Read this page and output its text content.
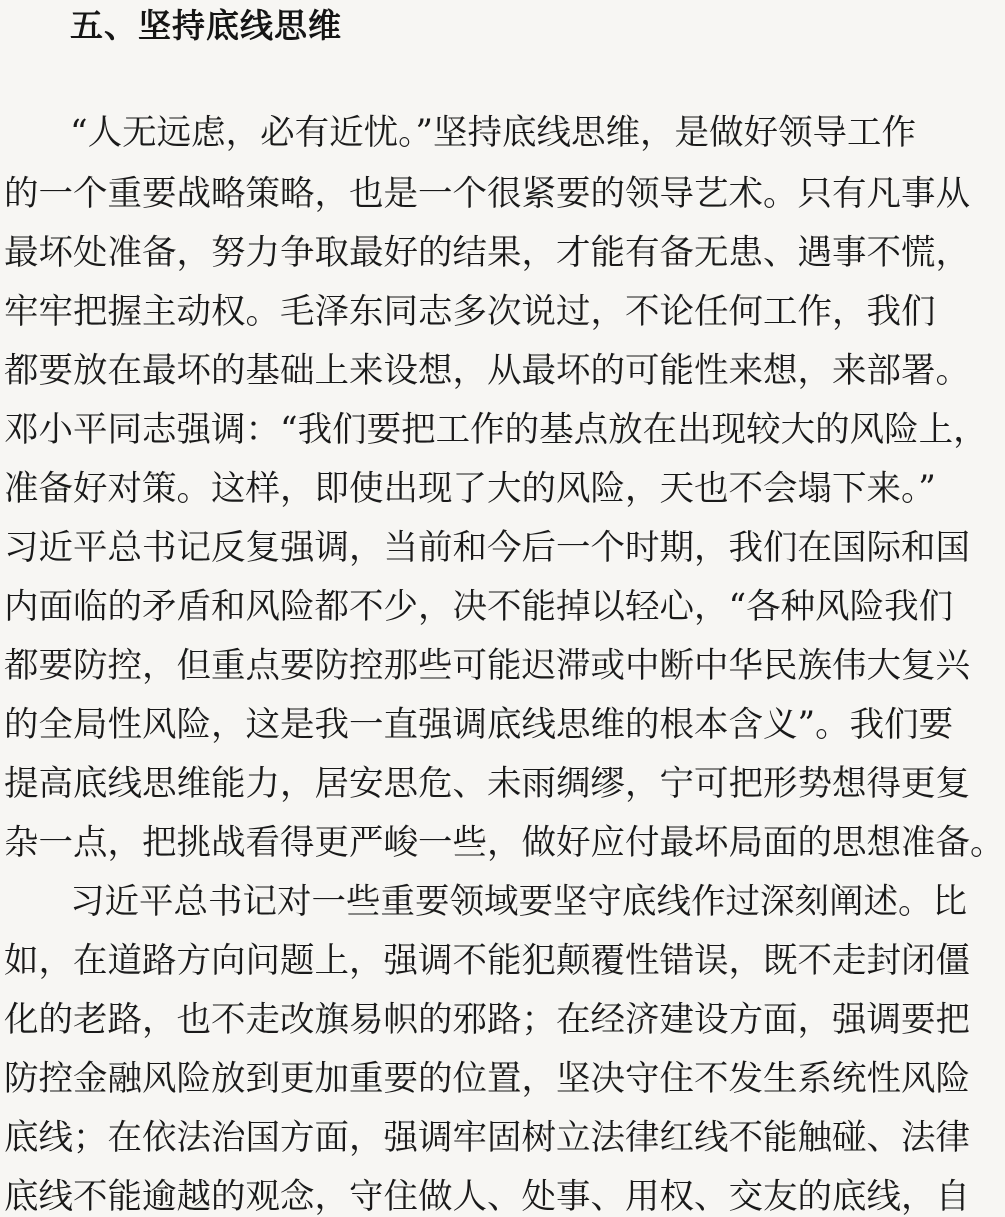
五、坚持底线思维
“人无远虑，必有近忧。”坚持底线思维，是做好领导工作
的一个重要战略策略，也是一个很紧要的领导艺术。只有凡事从
最坏处准备，努力争取最好的结果，才能有备无患、遇事不慌，
牢牢把握主动权。毛泽东同志多次说过，不论任何工作，我们
都要放在最坏的基础上来设想，从最坏的可能性来想，来部署。
邓小平同志强调：“我们要把工作的基点放在出现较大的风险上，
准备好对策。这样，即使出现了大的风险，天也不会塌下来。”
习近平总书记反复强调，当前和今后一个时期，我们在国际和国
内面临的矛盾和风险都不少，决不能掉以轻心，“各种风险我们
都要防控，但重点要防控那些可能迟滞或中断中华民族伟大复兴
的全局性风险，这是我一直强调底线思维的根本含义”。我们要
提高底线思维能力，居安思危、未雨绸缪，宁可把形势想得更复
杂一点，把挑战看得更严峻一些，做好应付最坏局面的思想准备。
习近平总书记对一些重要领域要坚守底线作过深刻阐述。比
如，在道路方向问题上，强调不能犯颠覆性错误，既不走封闭僵
化的老路，也不走改旗易帜的邪路；在经济建设方面，强调要把
防控金融风险放到更加重要的位置，坚决守住不发生系统性风险
底线；在依法治国方面，强调牢固树立法律红线不能触碰、法律
底线不能逾越的观念，守住做人、处事、用权、交友的底线，自
